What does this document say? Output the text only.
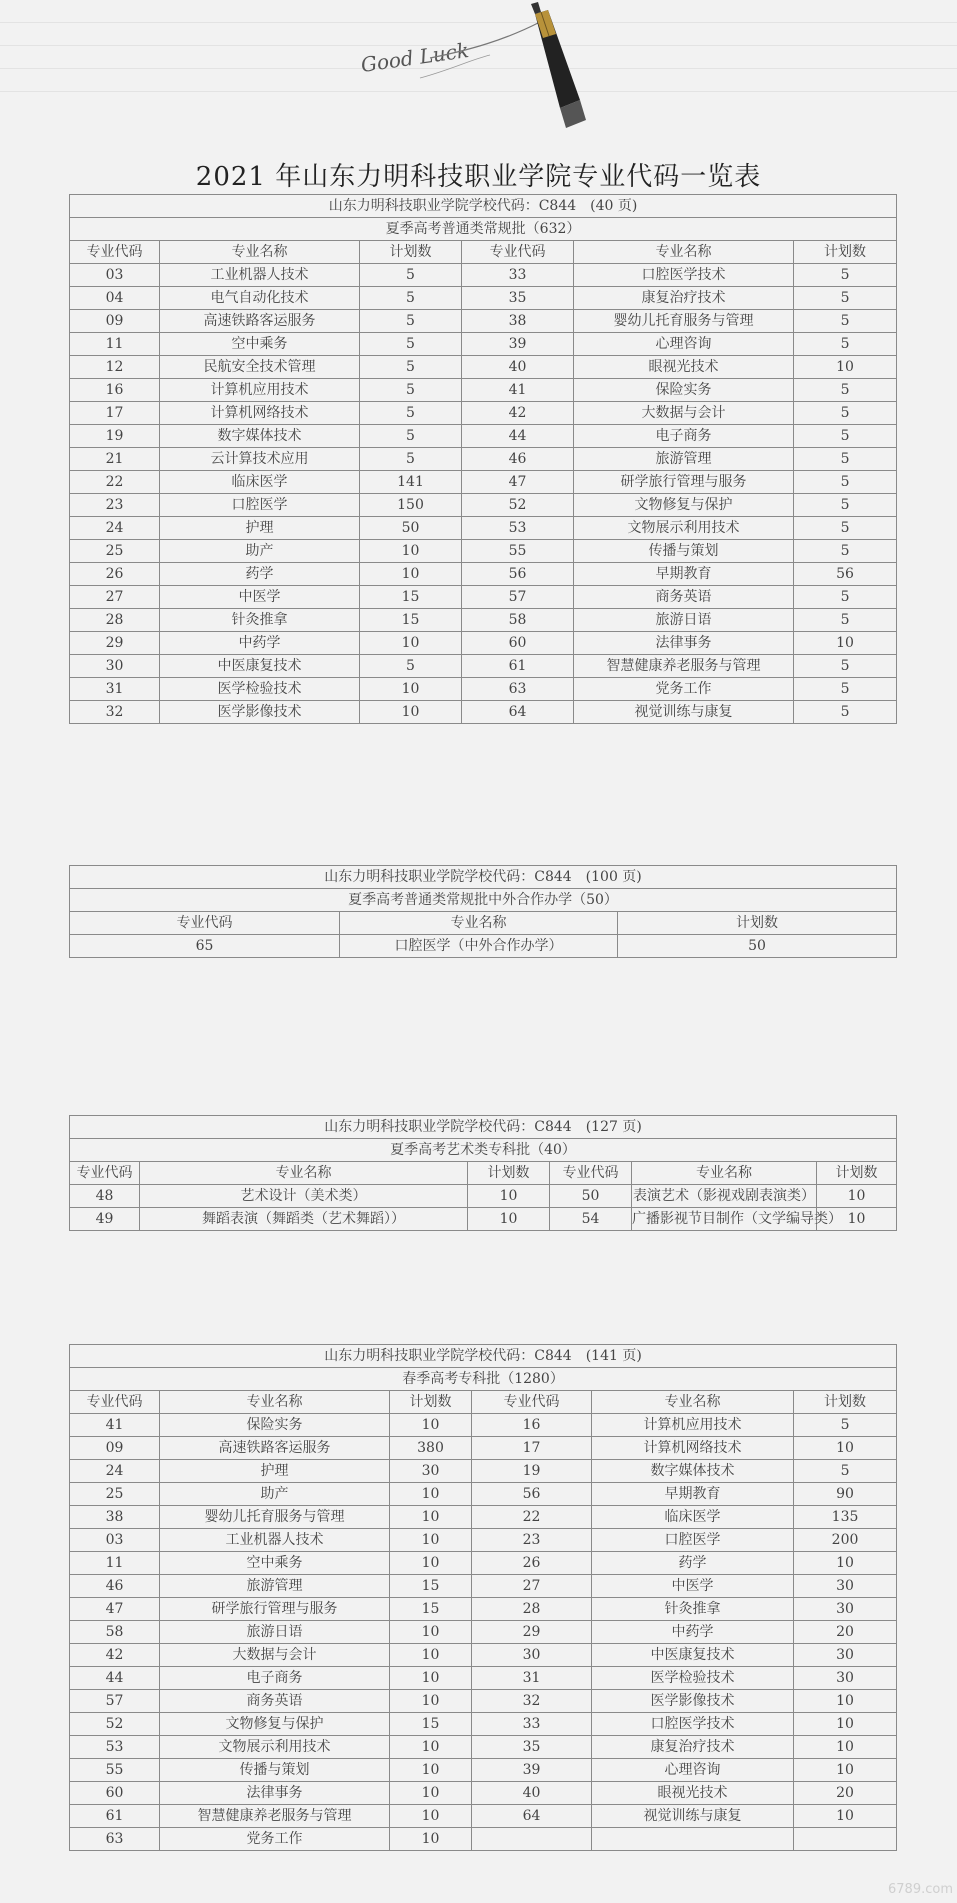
Good Luck
2021 年山东力明科技职业学院专业代码一览表
山东力明科技职业学院学校代码：C844　(40 页)					
夏季高考普通类常规批（632）					
专业代码	专业名称	计划数	专业代码	专业名称	计划数
03	工业机器人技术	5	33	口腔医学技术	5
04	电气自动化技术	5	35	康复治疗技术	5
09	高速铁路客运服务	5	38	婴幼儿托育服务与管理	5
11	空中乘务	5	39	心理咨询	5
12	民航安全技术管理	5	40	眼视光技术	10
16	计算机应用技术	5	41	保险实务	5
17	计算机网络技术	5	42	大数据与会计	5
19	数字媒体技术	5	44	电子商务	5
21	云计算技术应用	5	46	旅游管理	5
22	临床医学	141	47	研学旅行管理与服务	5
23	口腔医学	150	52	文物修复与保护	5
24	护理	50	53	文物展示利用技术	5
25	助产	10	55	传播与策划	5
26	药学	10	56	早期教育	56
27	中医学	15	57	商务英语	5
28	针灸推拿	15	58	旅游日语	5
29	中药学	10	60	法律事务	10
30	中医康复技术	5	61	智慧健康养老服务与管理	5
31	医学检验技术	10	63	党务工作	5
32	医学影像技术	10	64	视觉训练与康复	5
山东力明科技职业学院学校代码：C844　(100 页)		
夏季高考普通类常规批中外合作办学（50）		
专业代码	专业名称	计划数
65	口腔医学（中外合作办学）	50
山东力明科技职业学院学校代码：C844　(127 页)					
夏季高考艺术类专科批（40）					
专业代码	专业名称	计划数	专业代码	专业名称	计划数
48	艺术设计（美术类）	10	50	表演艺术（影视戏剧表演类）	10
49	舞蹈表演（舞蹈类（艺术舞蹈））	10	54	广播影视节目制作（文学编导类）	10
山东力明科技职业学院学校代码：C844　(141 页)					
春季高考专科批（1280）					
专业代码	专业名称	计划数	专业代码	专业名称	计划数
41	保险实务	10	16	计算机应用技术	5
09	高速铁路客运服务	380	17	计算机网络技术	10
24	护理	30	19	数字媒体技术	5
25	助产	10	56	早期教育	90
38	婴幼儿托育服务与管理	10	22	临床医学	135
03	工业机器人技术	10	23	口腔医学	200
11	空中乘务	10	26	药学	10
46	旅游管理	15	27	中医学	30
47	研学旅行管理与服务	15	28	针灸推拿	30
58	旅游日语	10	29	中药学	20
42	大数据与会计	10	30	中医康复技术	30
44	电子商务	10	31	医学检验技术	30
57	商务英语	10	32	医学影像技术	10
52	文物修复与保护	15	33	口腔医学技术	10
53	文物展示利用技术	10	35	康复治疗技术	10
55	传播与策划	10	39	心理咨询	10
60	法律事务	10	40	眼视光技术	20
61	智慧健康养老服务与管理	10	64	视觉训练与康复	10
63	党务工作	10			
6789.com
